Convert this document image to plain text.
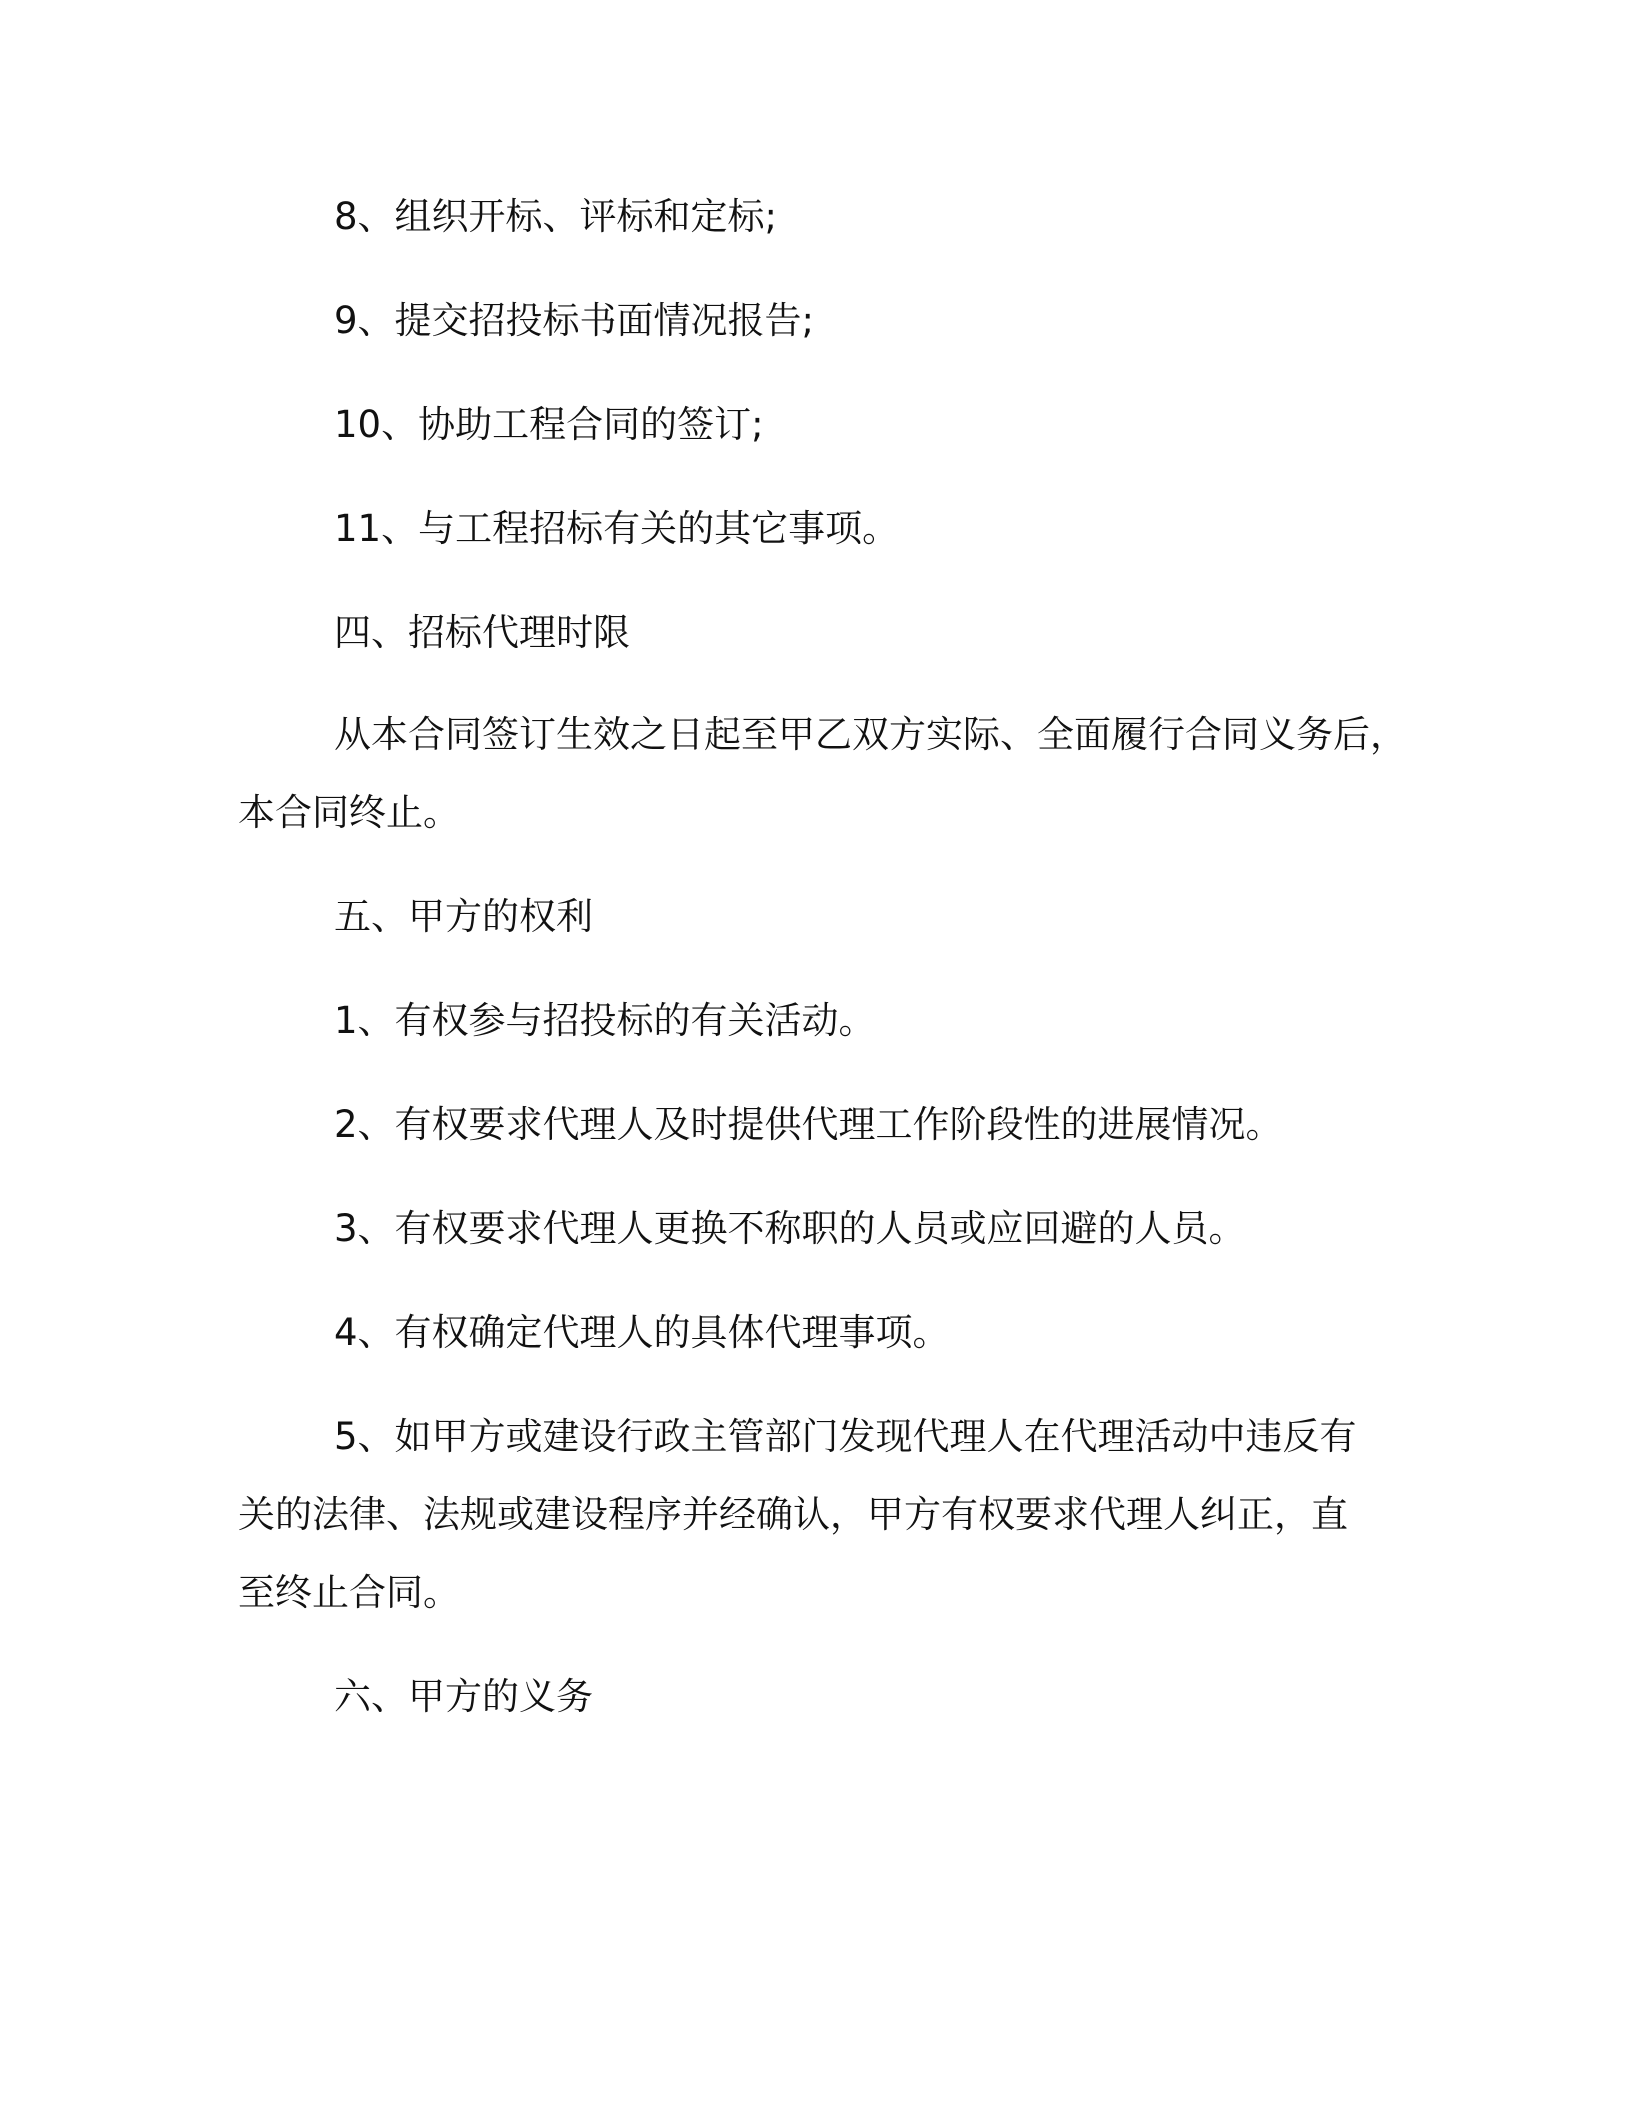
8、组织开标、评标和定标;
9、提交招投标书面情况报告;
10、协助工程合同的签订;
11、与工程招标有关的其它事项。
四、招标代理时限
从本合同签订生效之日起至甲乙双方实际、全面履行合同义务后，
本合同终止。
五、甲方的权利
1、有权参与招投标的有关活动。
2、有权要求代理人及时提供代理工作阶段性的进展情况。
3、有权要求代理人更换不称职的人员或应回避的人员。
4、有权确定代理人的具体代理事项。
5、如甲方或建设行政主管部门发现代理人在代理活动中违反有
关的法律、法规或建设程序并经确认，甲方有权要求代理人纠正，直
至终止合同。
六、甲方的义务
